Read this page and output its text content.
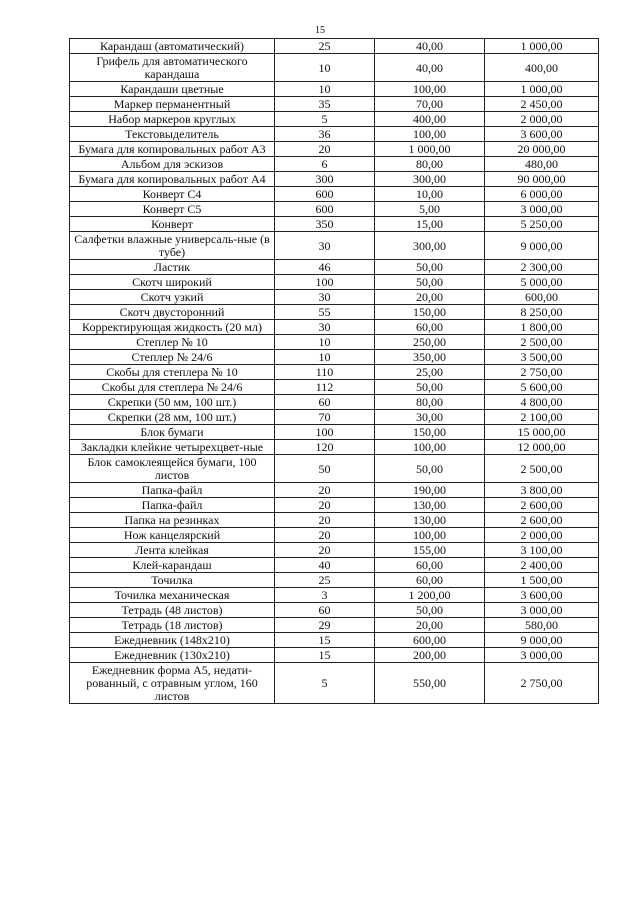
15
Карандаш (автоматический)	25	40,00	1 000,00
Грифель для автоматического карандаша	10	40,00	400,00
Карандаши цветные	10	100,00	1 000,00
Маркер перманентный	35	70,00	2 450,00
Набор маркеров круглых	5	400,00	2 000,00
Текстовыделитель	36	100,00	3 600,00
Бумага для копировальных работ А3	20	1 000,00	20 000,00
Альбом для эскизов	6	80,00	480,00
Бумага для копировальных работ А4	300	300,00	90 000,00
Конверт С4	600	10,00	6 000,00
Конверт С5	600	5,00	3 000,00
Конверт	350	15,00	5 250,00
Салфетки влажные универсаль-ные (в тубе)	30	300,00	9 000,00
Ластик	46	50,00	2 300,00
Скотч широкий	100	50,00	5 000,00
Скотч узкий	30	20,00	600,00
Скотч двусторонний	55	150,00	8 250,00
Корректирующая жидкость (20 мл)	30	60,00	1 800,00
Степлер № 10	10	250,00	2 500,00
Степлер № 24/6	10	350,00	3 500,00
Скобы для степлера № 10	110	25,00	2 750,00
Скобы для степлера № 24/6	112	50,00	5 600,00
Скрепки (50 мм, 100 шт.)	60	80,00	4 800,00
Скрепки (28 мм, 100 шт.)	70	30,00	2 100,00
Блок бумаги	100	150,00	15 000,00
Закладки клейкие четырехцвет-ные	120	100,00	12 000,00
Блок самоклеящейся бумаги, 100 листов	50	50,00	2 500,00
Папка-файл	20	190,00	3 800,00
Папка-файл	20	130,00	2 600,00
Папка на резинках	20	130,00	2 600,00
Нож канцелярский	20	100,00	2 000,00
Лента клейкая	20	155,00	3 100,00
Клей-карандаш	40	60,00	2 400,00
Точилка	25	60,00	1 500,00
Точилка механическая	3	1 200,00	3 600,00
Тетрадь (48 листов)	60	50,00	3 000,00
Тетрадь (18 листов)	29	20,00	580,00
Ежедневник (148х210)	15	600,00	9 000,00
Ежедневник (130х210)	15	200,00	3 000,00
Ежедневник форма А5, недати-рованный, с отравным углом, 160 листов	5	550,00	2 750,00
